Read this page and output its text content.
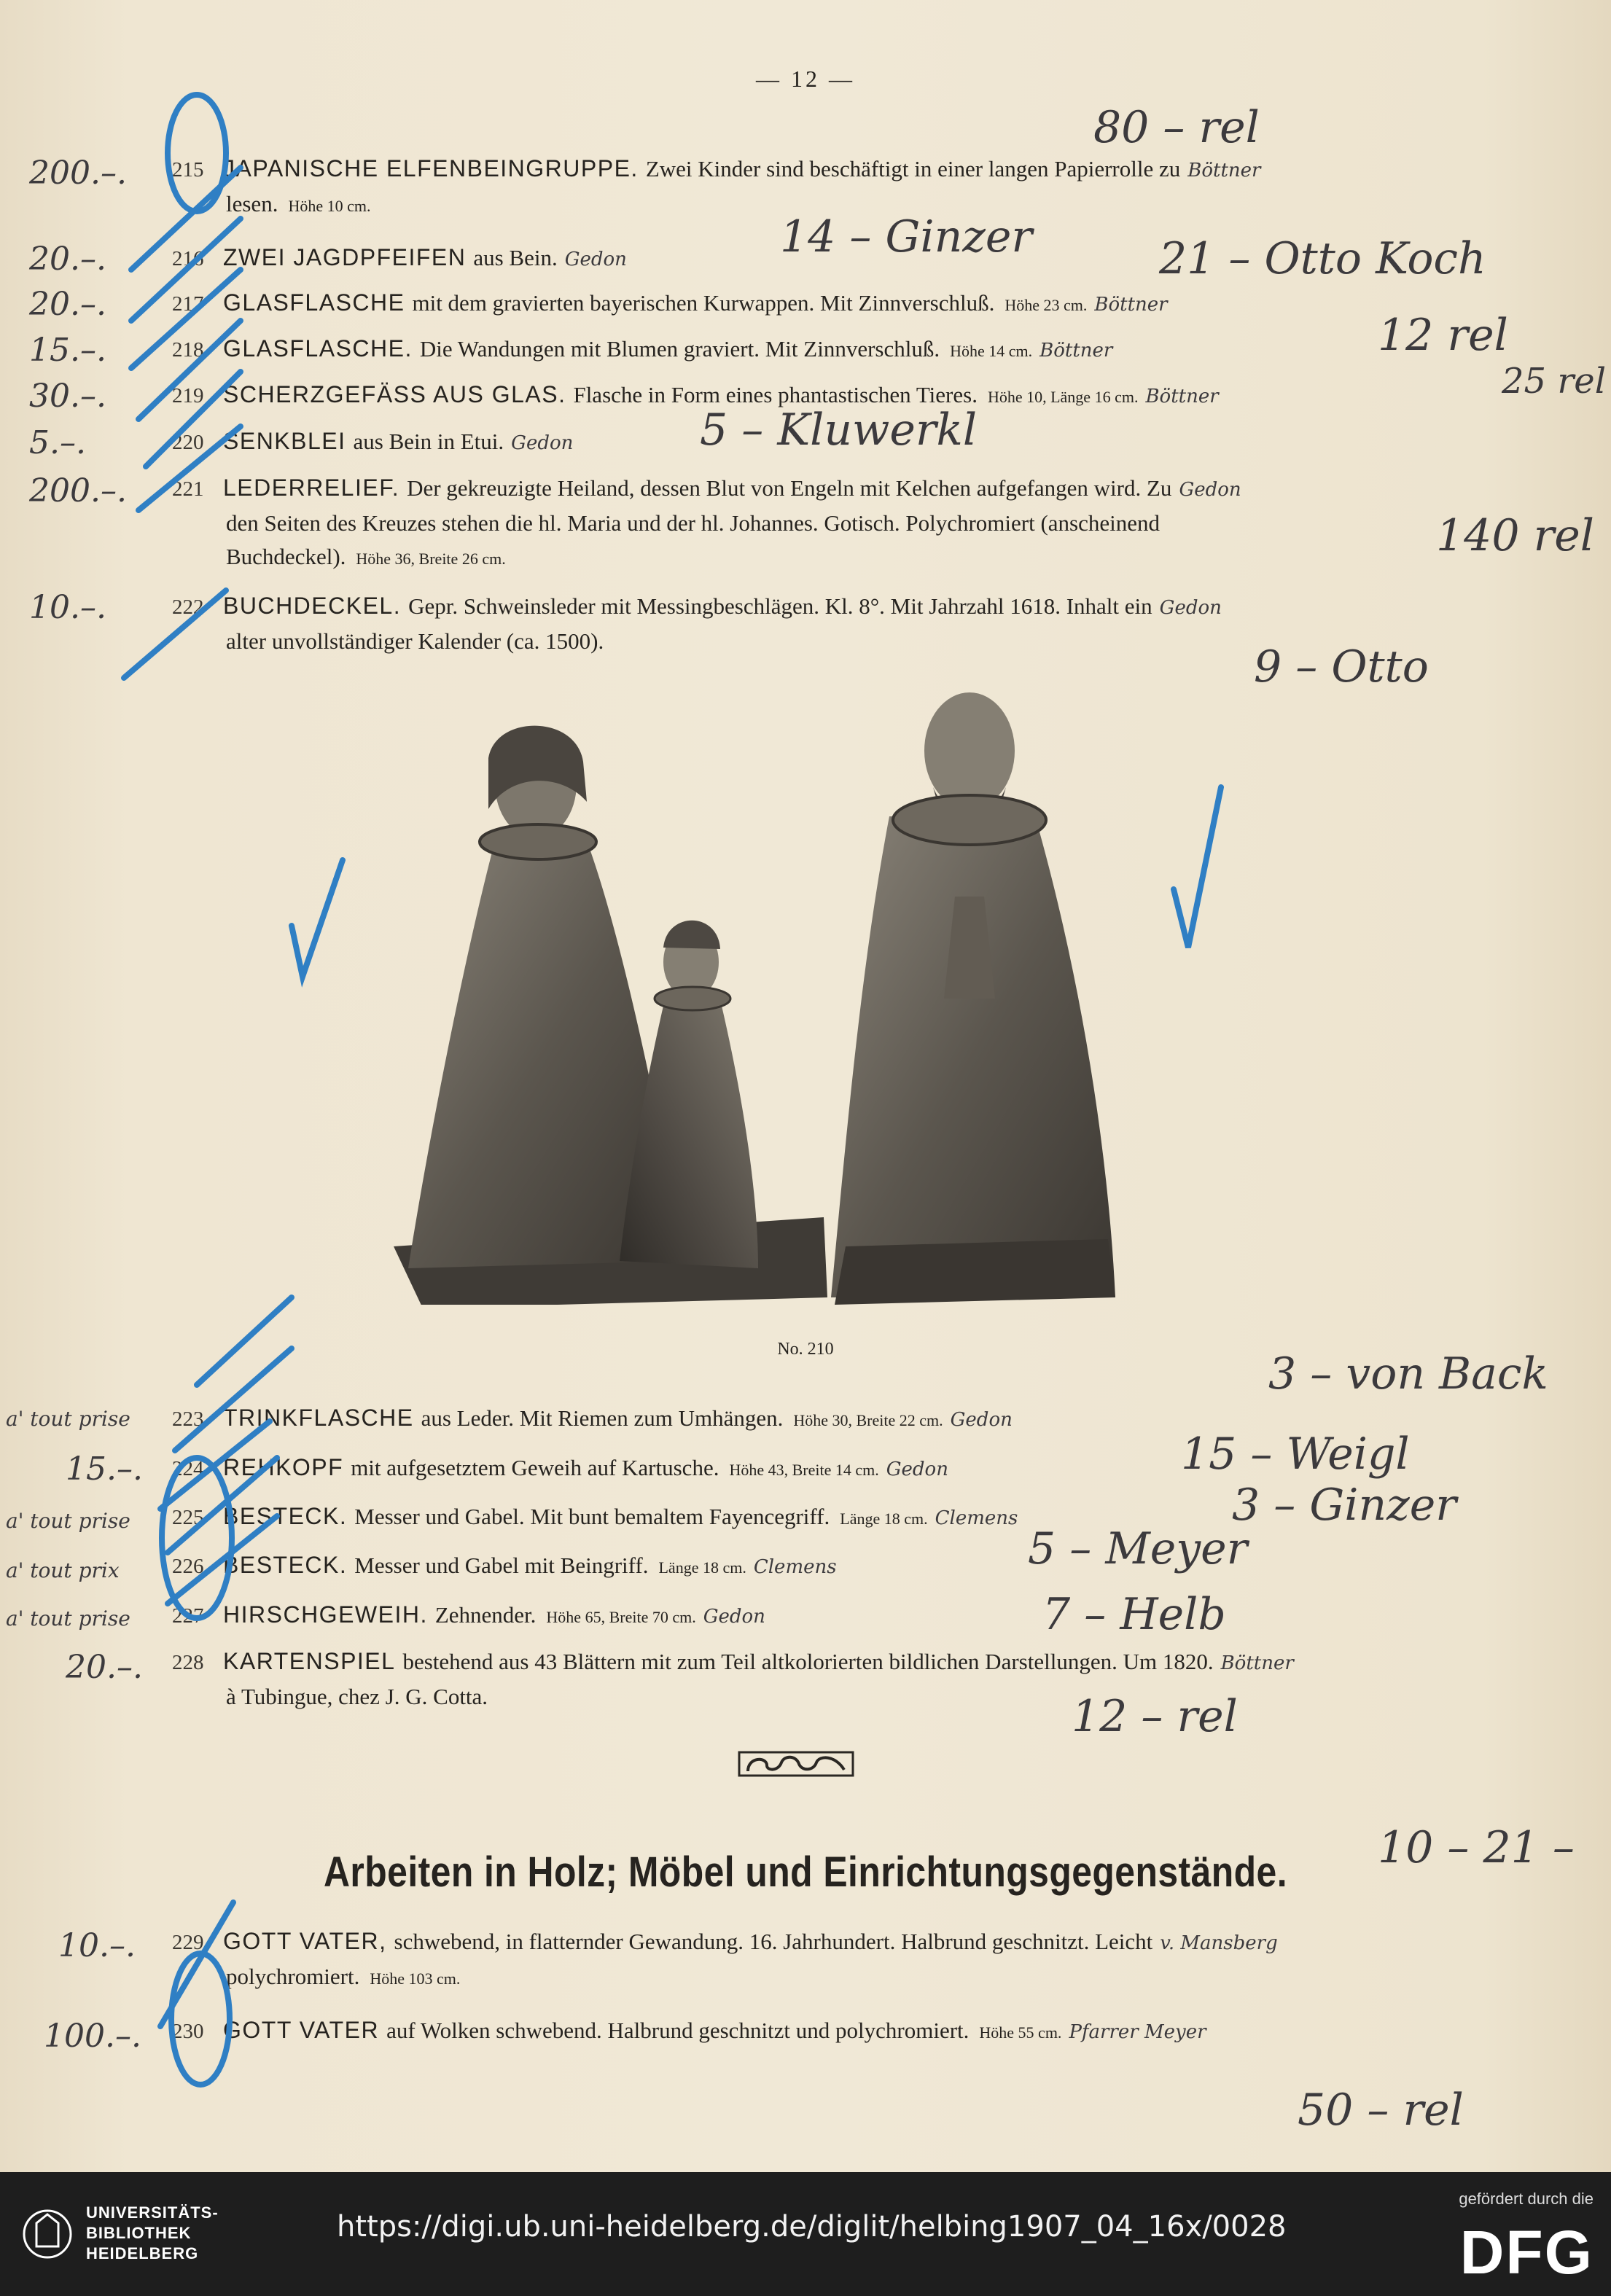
— 12 —
215 JAPANISCHE ELFENBEINGRUPPE. Zwei Kinder sind beschäftigt in einer langen Papierrolle zu Böttner
lesen. Höhe 10 cm.
216 ZWEI JAGDPFEIFEN aus Bein. Gedon
217 GLASFLASCHE mit dem gravierten bayerischen Kurwappen. Mit Zinnverschluß. Höhe 23 cm. Böttner
218 GLASFLASCHE. Die Wandungen mit Blumen graviert. Mit Zinnverschluß. Höhe 14 cm. Böttner
219 SCHERZGEFÄSS AUS GLAS. Flasche in Form eines phantastischen Tieres. Höhe 10, Länge 16 cm. Böttner
220 SENKBLEI aus Bein in Etui. Gedon
221 LEDERRELIEF. Der gekreuzigte Heiland, dessen Blut von Engeln mit Kelchen aufgefangen wird. Zu Gedon
den Seiten des Kreuzes stehen die hl. Maria und der hl. Johannes. Gotisch. Polychromiert (anscheinend
Buchdeckel). Höhe 36, Breite 26 cm.
222 BUCHDECKEL. Gepr. Schweinsleder mit Messingbeschlägen. Kl. 8°. Mit Jahrzahl 1618. Inhalt ein Gedon
alter unvollständiger Kalender (ca. 1500).
No. 210
223 TRINKFLASCHE aus Leder. Mit Riemen zum Umhängen. Höhe 30, Breite 22 cm. Gedon
224 REHKOPF mit aufgesetztem Geweih auf Kartusche. Höhe 43, Breite 14 cm. Gedon
225 BESTECK. Messer und Gabel. Mit bunt bemaltem Fayencegriff. Länge 18 cm. Clemens
226 BESTECK. Messer und Gabel mit Beingriff. Länge 18 cm. Clemens
227 HIRSCHGEWEIH. Zehnender. Höhe 65, Breite 70 cm. Gedon
228 KARTENSPIEL bestehend aus 43 Blättern mit zum Teil altkolorierten bildlichen Darstellungen. Um 1820. Böttner
à Tubingue, chez J. G. Cotta.
Arbeiten in Holz; Möbel und Einrichtungsgegenstände.
229 GOTT VATER, schwebend, in flatternder Gewandung. 16. Jahrhundert. Halbrund geschnitzt. Leicht v. Mansberg
polychromiert. Höhe 103 cm.
230 GOTT VATER auf Wolken schwebend. Halbrund geschnitzt und polychromiert. Höhe 55 cm. Pfarrer Meyer
200.–.
20.–.
20.–.
15.–.
30.–.
5.–.
200.–.
10.–.
a' tout prise
15.–.
a' tout prise
a' tout prix
a' tout prise
20.–.
10.–.
100.–.
80 – rel
14 – Ginzer	21 – Otto Koch
12 rel
25 rel
5 – Kluwerkl
140 rel
9 – Otto
3 – von Back
15 – Weigl
3 – Ginzer
5 – Meyer
7 – Helb
12 – rel
10 – 21 –
50 – rel
UNIVERSITÄTS-
BIBLIOTHEK
HEIDELBERG
https://digi.ub.uni-heidelberg.de/diglit/helbing1907_04_16x/0028
gefördert durch die
DFG
